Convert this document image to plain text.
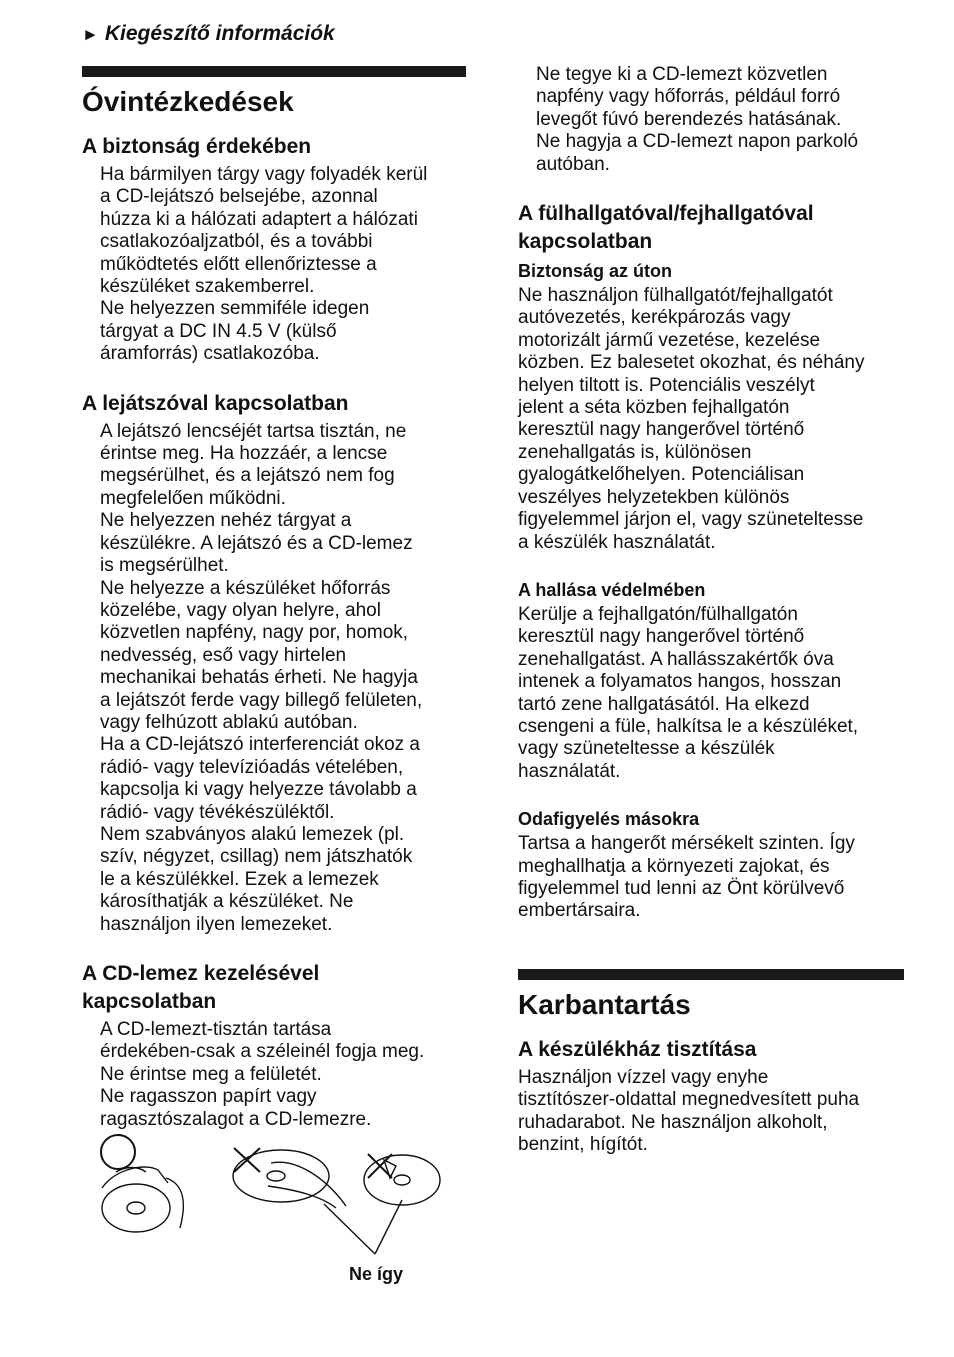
► Kiegészítő információk
Óvintézkedések
A biztonság érdekében

Ha bármilyen tárgy vagy folyadék kerül
a CD-lejátszó belsejébe, azonnal
húzza ki a hálózati adaptert a hálózati
csatlakozóaljzatból, és a további
működtetés előtt ellenőriztesse a
készüléket szakemberrel.
Ne helyezzen semmiféle idegen
tárgyat a DC IN 4.5 V (külső
áramforrás) csatlakozóba.

A lejátszóval kapcsolatban

A lejátszó lencséjét tartsa tisztán, ne
érintse meg. Ha hozzáér, a lencse
megsérülhet, és a lejátszó nem fog
megfelelően működni.
Ne helyezzen nehéz tárgyat a
készülékre. A lejátszó és a CD-lemez
is megsérülhet.
Ne helyezze a készüléket hőforrás
közelébe, vagy olyan helyre, ahol
közvetlen napfény, nagy por, homok,
nedvesség, eső vagy hirtelen
mechanikai behatás érheti. Ne hagyja
a lejátszót ferde vagy billegő felületen,
vagy felhúzott ablakú autóban.
Ha a CD-lejátszó interferenciát okoz a
rádió- vagy televízióadás vételében,
kapcsolja ki vagy helyezze távolabb a
rádió- vagy tévékészüléktől.
Nem szabványos alakú lemezek (pl.
szív, négyzet, csillag) nem játszhatók
le a készülékkel. Ezek a lemezek
károsíthatják a készüléket. Ne
használjon ilyen lemezeket.

A CD-lemez kezelésével
kapcsolatban

A CD-lemezt-tisztán tartása
érdekében-csak a széleinél fogja meg.
Ne érintse meg a felületét.
Ne ragasszon papírt vagy
ragasztószalagot a CD-lemezre.

Ne így

Ne tegye ki a CD-lemezt közvetlen
napfény vagy hőforrás, például forró
levegőt fúvó berendezés hatásának.
Ne hagyja a CD-lemezt napon parkoló
autóban.

A fülhallgatóval/fejhallgatóval
kapcsolatban
Biztonság az úton

Ne használjon fülhallgatót/fejhallgatót
autóvezetés, kerékpározás vagy
motorizált jármű vezetése, kezelése
közben. Ez balesetet okozhat, és néhány
helyen tiltott is. Potenciális veszélyt
jelent a séta közben fejhallgatón
keresztül nagy hangerővel történő
zenehallgatás is, különösen
gyalogátkelőhelyen. Potenciálisan
veszélyes helyzetekben különös
figyelemmel járjon el, vagy szüneteltesse
a készülék használatát.

A hallása védelmében

Kerülje a fejhallgatón/fülhallgatón
keresztül nagy hangerővel történő
zenehallgatást. A hallásszakértők óva
intenek a folyamatos hangos, hosszan
tartó zene hallgatásától. Ha elkezd
csengeni a füle, halkítsa le a készüléket,
vagy szüneteltesse a készülék
használatát.

Odafigyelés másokra

Tartsa a hangerőt mérsékelt szinten. Így
meghallhatja a környezeti zajokat, és
figyelemmel tud lenni az Önt körülvevő
embertársaira.

Karbantartás
A készülékház tisztítása

Használjon vízzel vagy enyhe
tisztítószer-oldattal megnedvesített puha
ruhadarabot. Ne használjon alkoholt,
benzint, hígítót.
